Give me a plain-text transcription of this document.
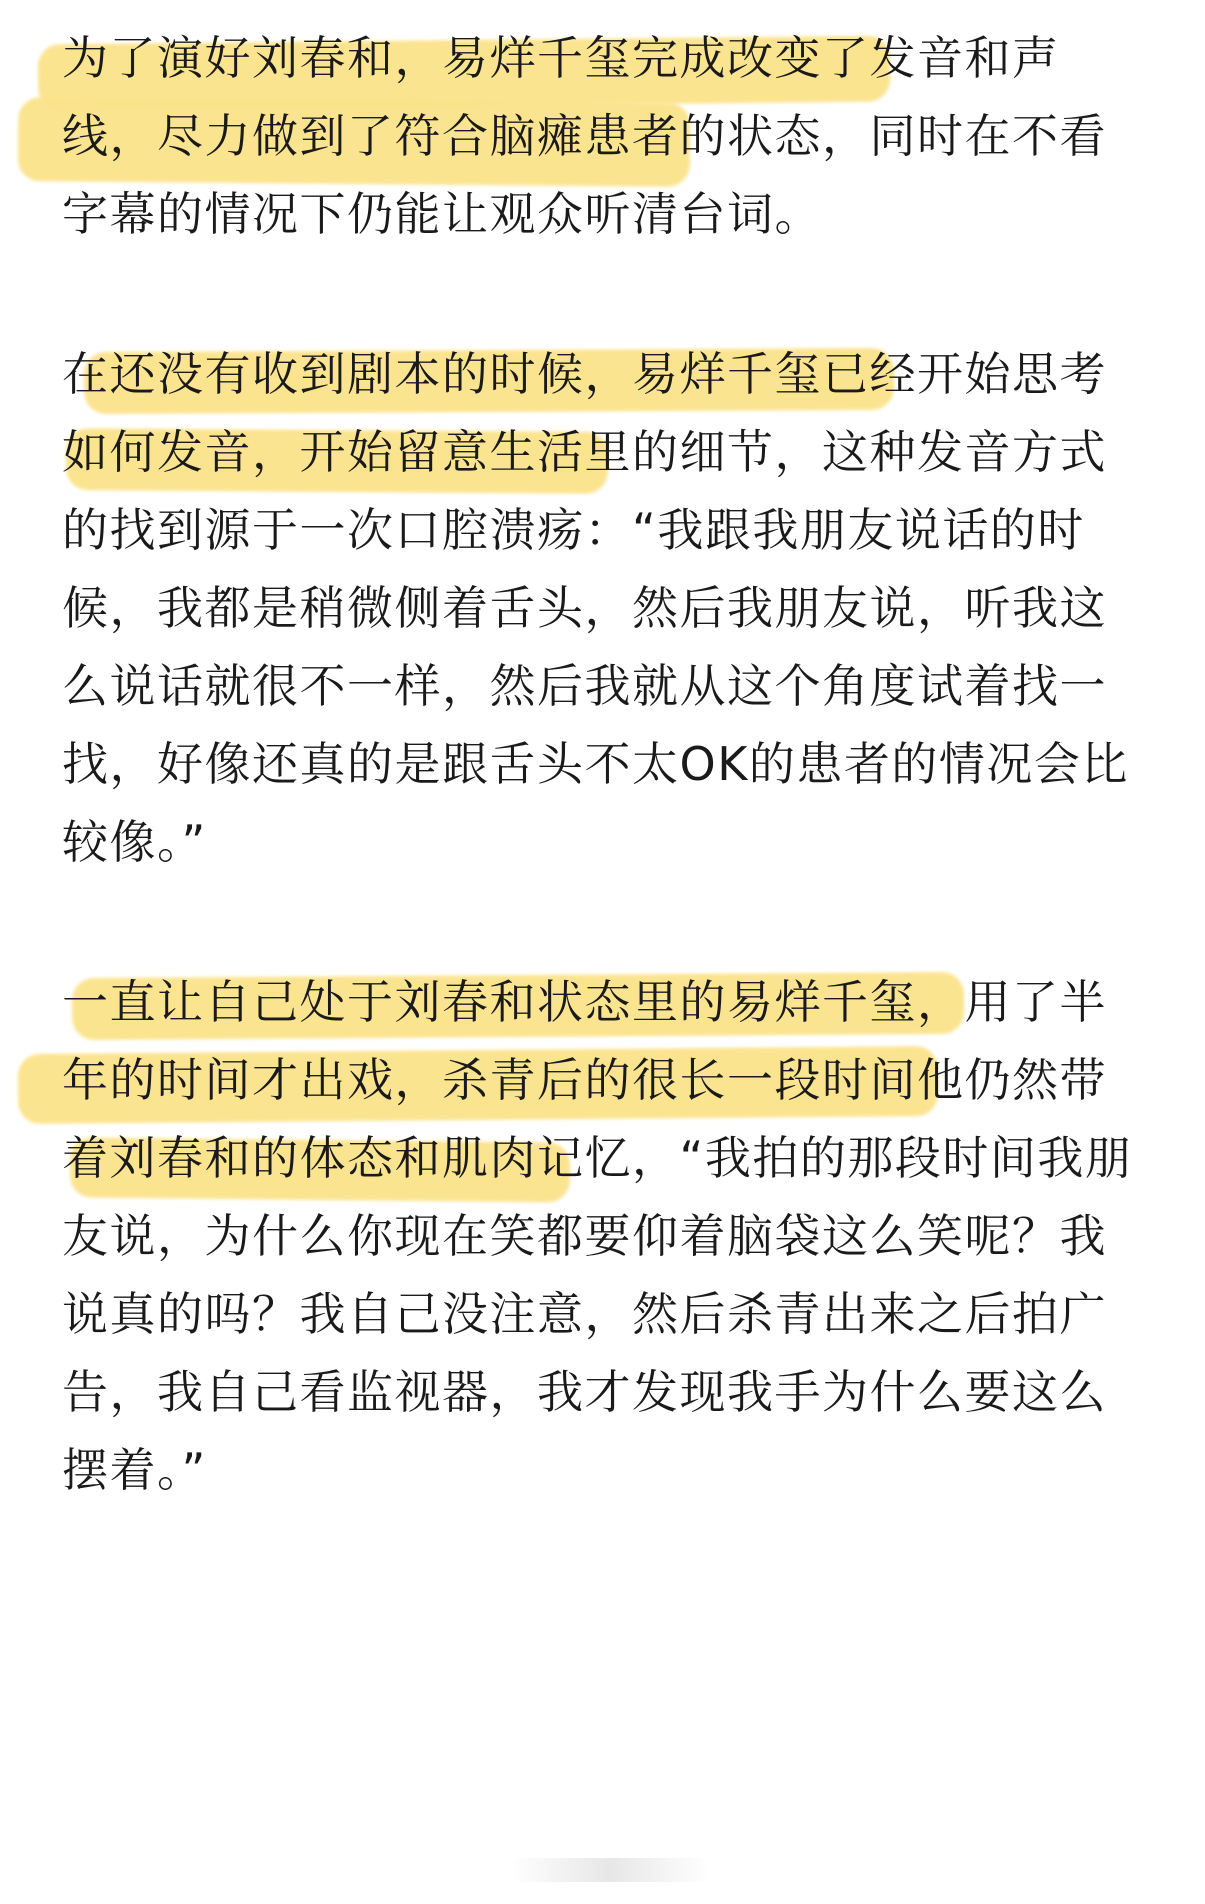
为了演好刘春和，易烊千玺完成改变了发音和声
线，尽力做到了符合脑瘫患者的状态，同时在不看
字幕的情况下仍能让观众听清台词。
在还没有收到剧本的时候，易烊千玺已经开始思考
如何发音，开始留意生活里的细节，这种发音方式
的找到源于一次口腔溃疡：“我跟我朋友说话的时
候，我都是稍微侧着舌头，然后我朋友说，听我这
么说话就很不一样，然后我就从这个角度试着找一
找，好像还真的是跟舌头不太OK的患者的情况会比
较像。”
一直让自己处于刘春和状态里的易烊千玺，用了半
年的时间才出戏，杀青后的很长一段时间他仍然带
着刘春和的体态和肌肉记忆，“我拍的那段时间我朋
友说，为什么你现在笑都要仰着脑袋这么笑呢？我
说真的吗？我自己没注意，然后杀青出来之后拍广
告，我自己看监视器，我才发现我手为什么要这么
摆着。”
